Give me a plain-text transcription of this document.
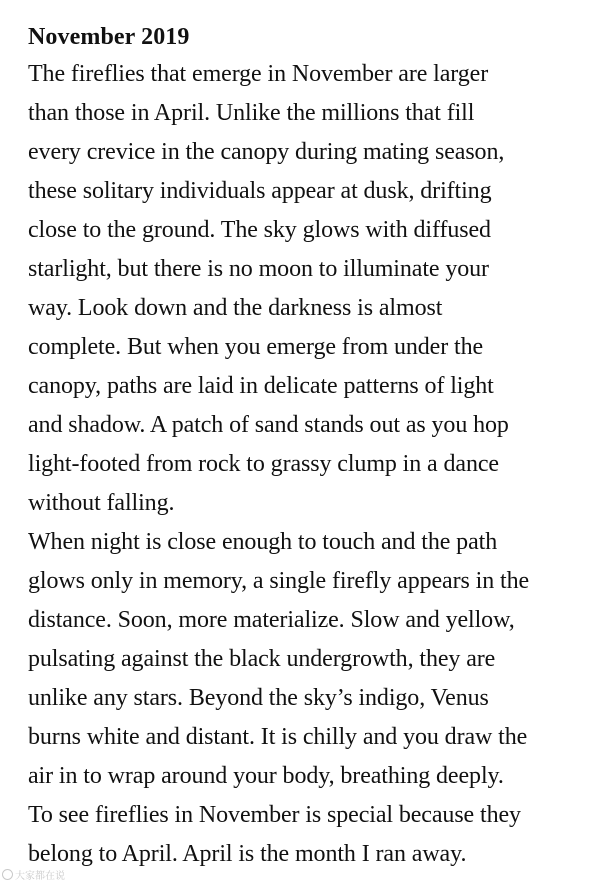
November 2019

The fireflies that emerge in November are larger

than those in April. Unlike the millions that fill

every crevice in the canopy during mating season,

these solitary individuals appear at dusk, drifting

close to the ground. The sky glows with diffused

starlight, but there is no moon to illuminate your

way. Look down and the darkness is almost

complete. But when you emerge from under the

canopy, paths are laid in delicate patterns of light

and shadow. A patch of sand stands out as you hop

light-footed from rock to grassy clump in a dance

without falling.

When night is close enough to touch and the path

glows only in memory, a single firefly appears in the

distance. Soon, more materialize. Slow and yellow,

pulsating against the black undergrowth, they are

unlike any stars. Beyond the sky’s indigo, Venus

burns white and distant. It is chilly and you draw the

air in to wrap around your body, breathing deeply.

To see fireflies in November is special because they

belong to April. April is the month I ran away.

大家都在说
